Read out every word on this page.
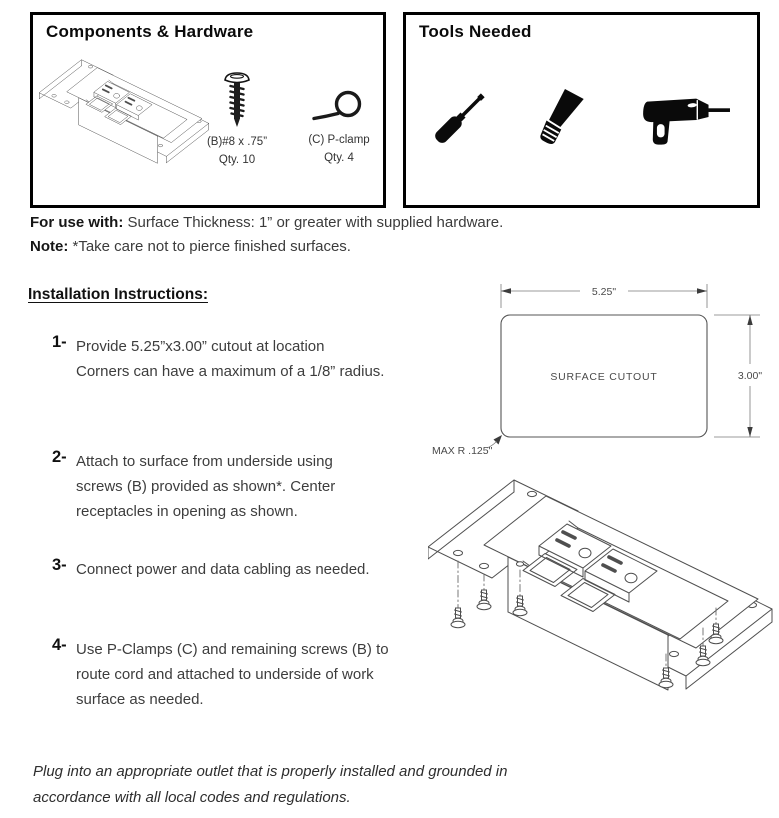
Components & Hardware
(B)#8 x .75”
Qty. 10
(C) P-clamp
Qty. 4
Tools Needed
For use with: Surface Thickness: 1” or greater with supplied hardware.
Note: *Take care not to pierce finished surfaces.
Installation Instructions:
1- Provide 5.25”x3.00” cutout at location
Corners can have a maximum of a 1/8” radius.
2- Attach to surface from underside using
screws (B) provided as shown*. Center
receptacles in opening as shown.
3- Connect power and data cabling as needed.
4- Use P-Clamps (C) and remaining screws (B) to
route cord and attached to underside of work
surface as needed.
5.25"
SURFACE CUTOUT	3.00"
MAX R .125"
Plug into an appropriate outlet that is properly installed and grounded in
accordance with all local codes and regulations.
